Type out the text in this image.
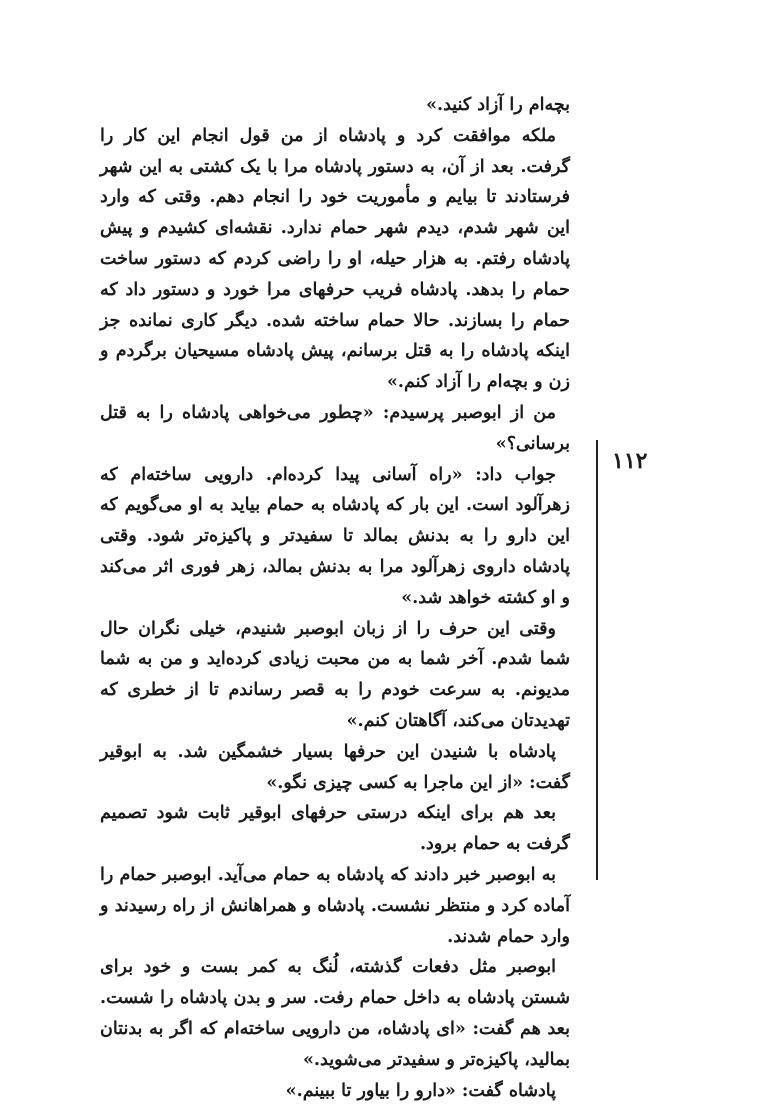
بچه‌ام را آزاد کنید.»

ملکه موافقت کرد و پادشاه از من قول انجام این کار را گرفت. بعد از آن، به دستور پادشاه مرا با یک کشتی به این شهر فرستادند تا بیایم و مأموریت خود را انجام دهم. وقتی که وارد این شهر شدم، دیدم شهر حمام ندارد. نقشه‌ای کشیدم و پیش پادشاه رفتم. به هزار حیله، او را راضی کردم که دستور ساخت حمام را بدهد. پادشاه فریب حرفهای مرا خورد و دستور داد که حمام را بسازند. حالا حمام ساخته شده. دیگر کاری نمانده جز اینکه پادشاه را به قتل برسانم، پیش پادشاه مسیحیان برگردم و زن و بچه‌ام را آزاد کنم.»

من از ابوصبر پرسیدم: «چطور می‌خواهی پادشاه را به قتل برسانی؟»

جواب داد: «راه آسانی پیدا کرده‌ام. دارویی ساخته‌ام که زهرآلود است. این بار که پادشاه به حمام بیاید به او می‌گویم که این دارو را به بدنش بمالد تا سفیدتر و پاکیزه‌تر شود. وقتی پادشاه داروی زهرآلود مرا به بدنش بمالد، زهر فوری اثر می‌کند و او کشته خواهد شد.»

وقتی این حرف را از زبان ابوصبر شنیدم، خیلی نگران حال شما شدم. آخر شما به من محبت زیادی کرده‌اید و من به شما مدیونم. به سرعت خودم را به قصر رساندم تا از خطری که تهدیدتان می‌کند، آگاهتان کنم.»

پادشاه با شنیدن این حرفها بسیار خشمگین شد. به ابوقیر گفت: «از این ماجرا به کسی چیزی نگو.»

بعد هم برای اینکه درستی حرفهای ابوقیر ثابت شود تصمیم گرفت به حمام برود.

به ابوصبر خبر دادند که پادشاه به حمام می‌آید. ابوصبر حمام را آماده کرد و منتظر نشست. پادشاه و همراهانش از راه رسیدند و وارد حمام شدند.

ابوصبر مثل دفعات گذشته، لُنگ به کمر بست و خود برای شستن پادشاه به داخل حمام رفت. سر و بدن پادشاه را شست. بعد هم گفت: «ای پادشاه، من دارویی ساخته‌ام که اگر به بدنتان بمالید، پاکیزه‌تر و سفیدتر می‌شوید.»

پادشاه گفت: «دارو را بیاور تا ببینم.»

۱۱۲
